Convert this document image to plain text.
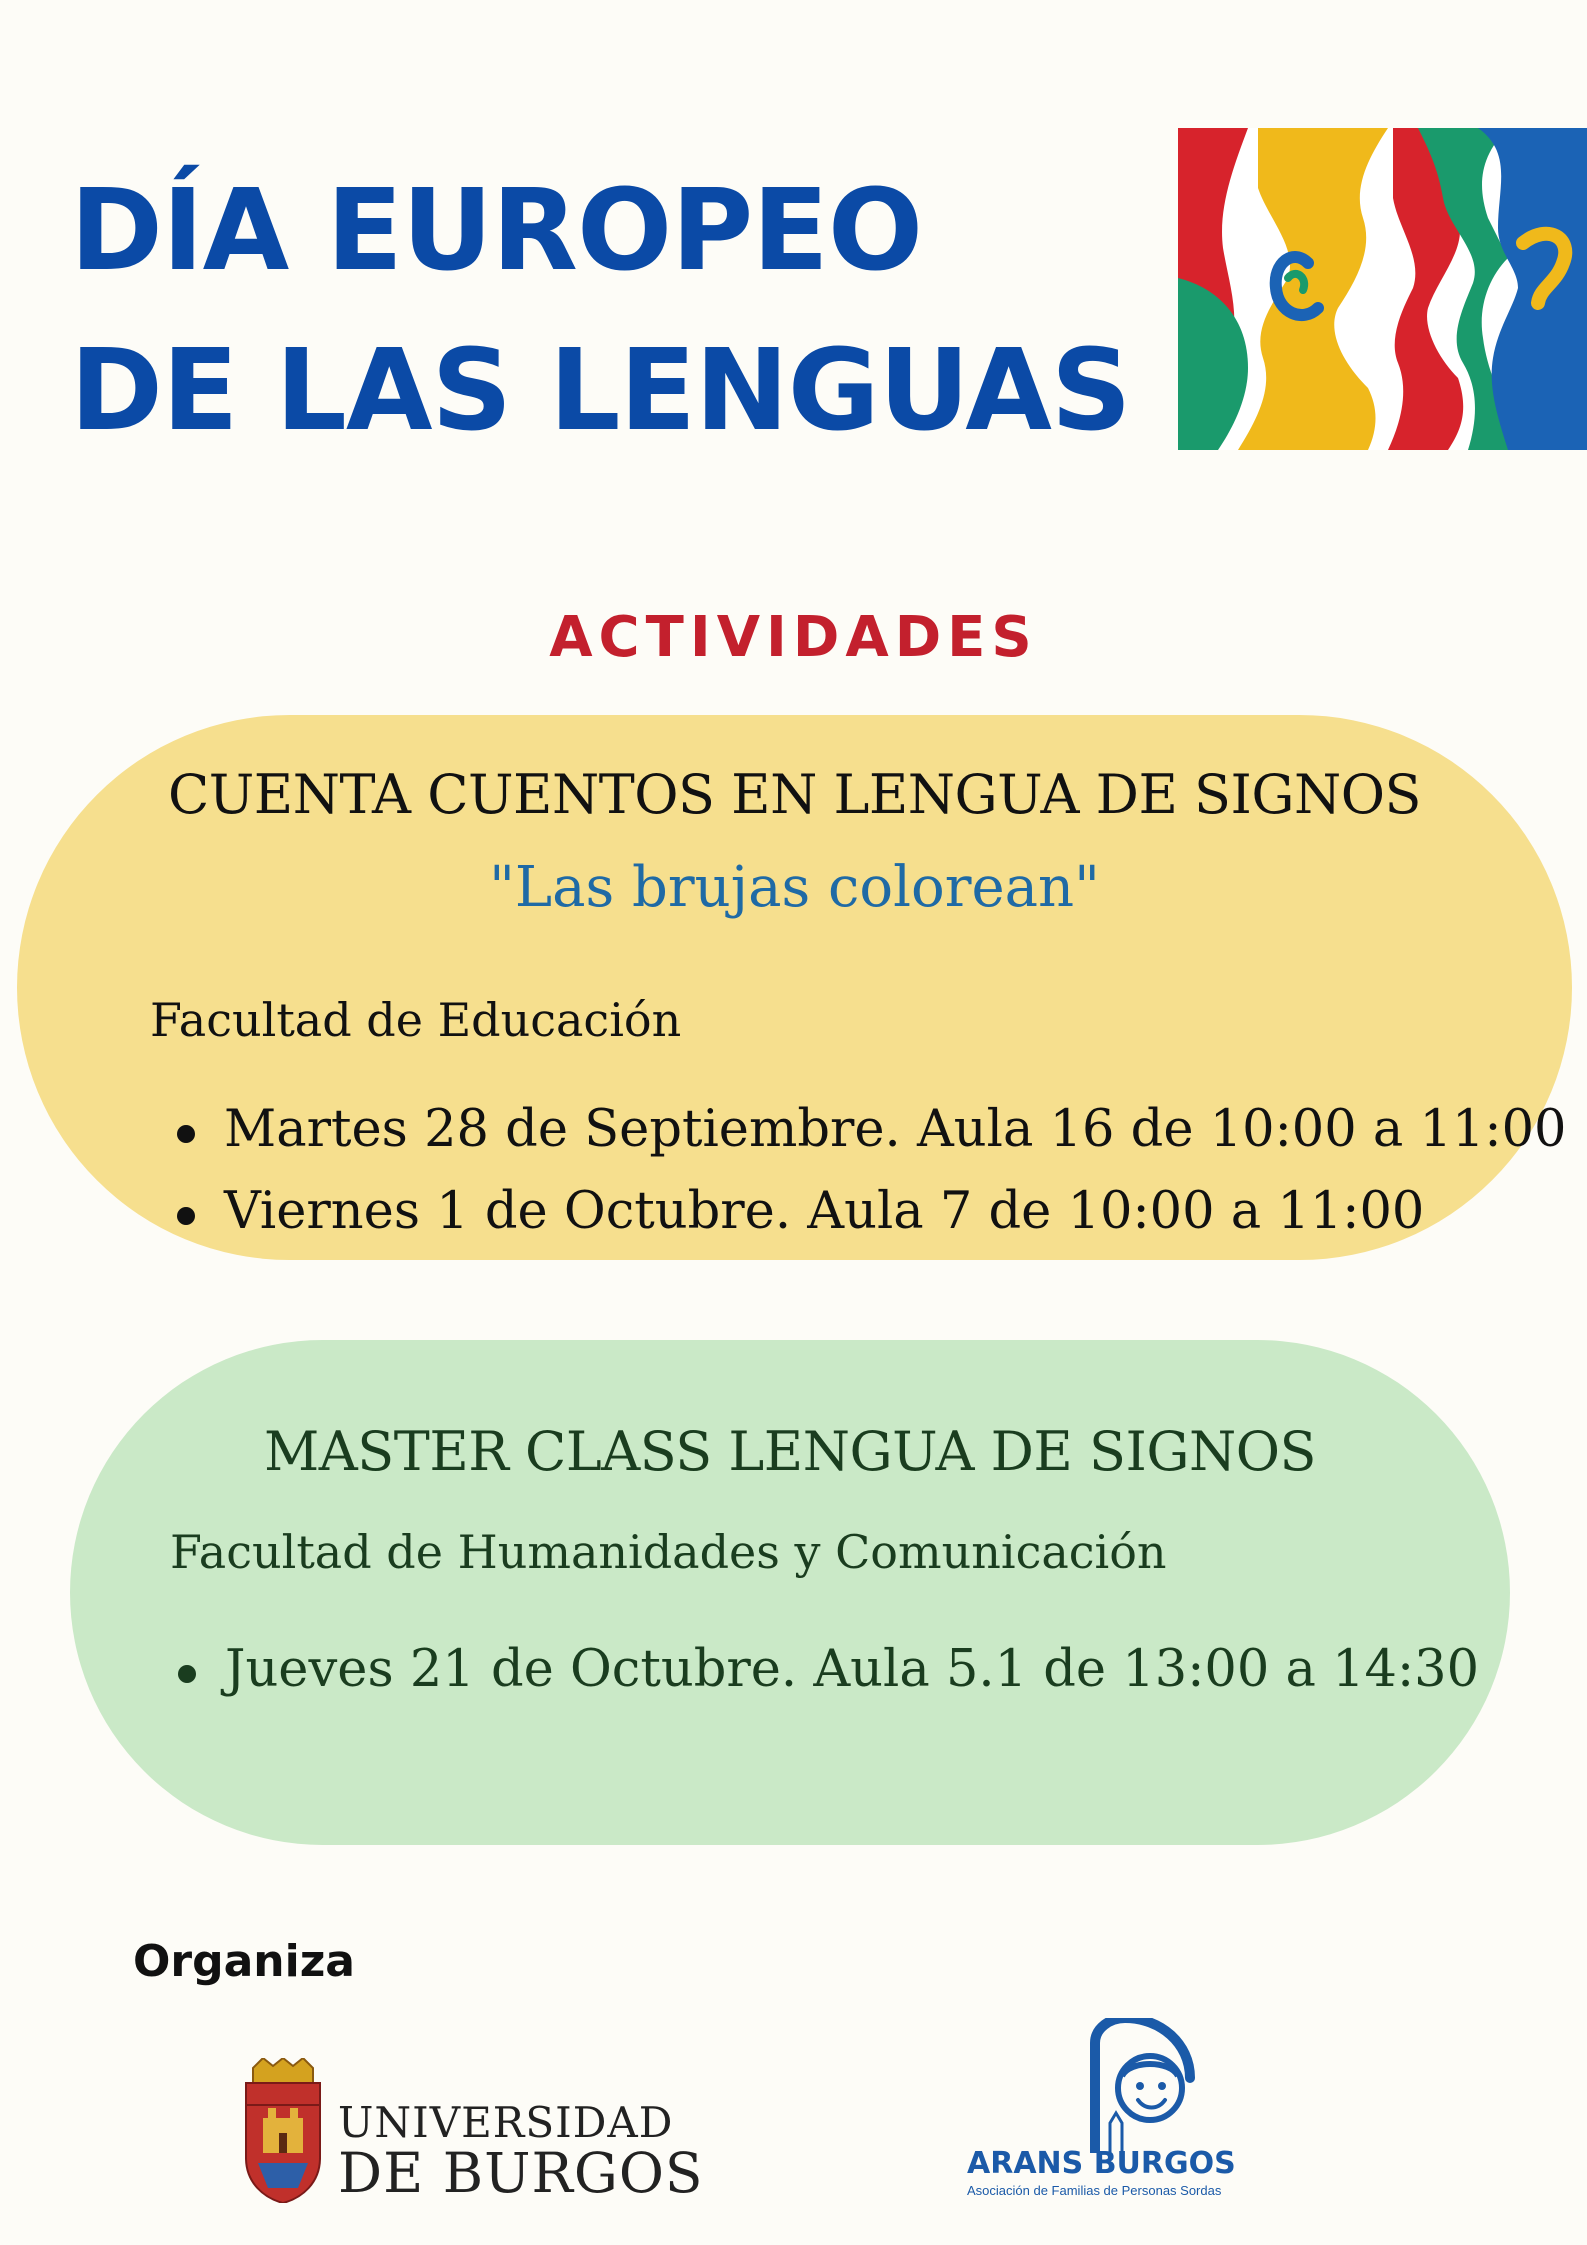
DÍA EUROPEO
DE LAS LENGUAS
ACTIVIDADES

CUENTA CUENTOS EN LENGUA DE SIGNOS

"Las brujas colorean"

Facultad de Educación

Martes 28 de Septiembre. Aula 16 de 10:00 a 11:00
Viernes 1 de Octubre. Aula 7 de 10:00 a 11:00

MASTER CLASS LENGUA DE SIGNOS

Facultad de Humanidades y Comunicación

Jueves 21 de Octubre. Aula 5.1 de 13:00 a 14:30

Organiza

UNIVERSIDAD

DE BURGOS	ARANS BURGOS

Asociación de Familias de Personas Sordas
